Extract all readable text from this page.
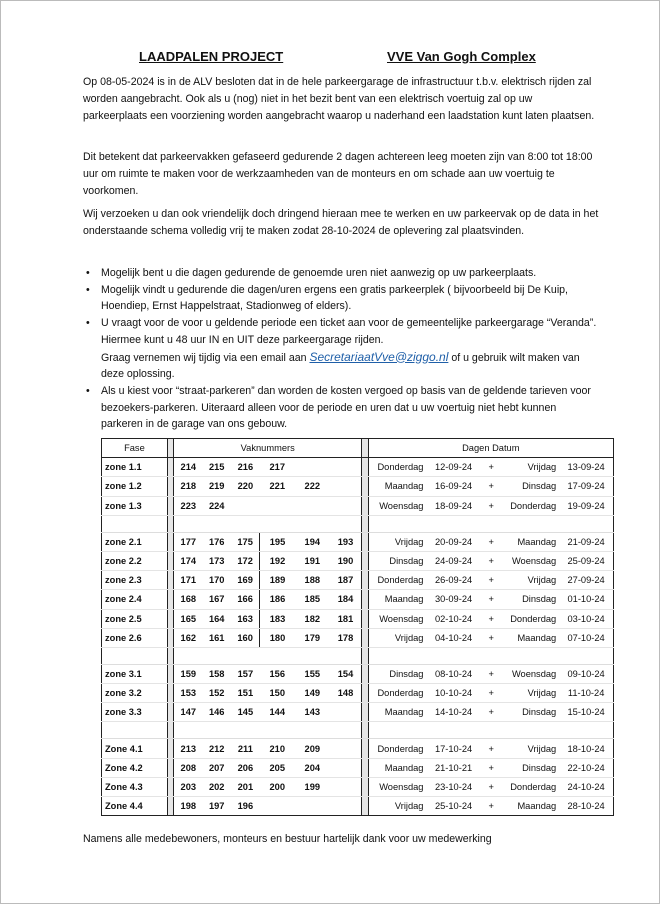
LAADPALEN PROJECT	VVE Van Gogh Complex

Op 08-05-2024 is in de ALV besloten dat in de hele parkeergarage de infrastructuur t.b.v. elektrisch rijden zal worden aangebracht. Ook als u (nog) niet in het bezit bent van een elektrisch voertuig zal op uw parkeerplaats een voorziening worden aangebracht waarop u naderhand een laadstation kunt laten plaatsen.

Dit betekent dat parkeervakken gefaseerd gedurende 2 dagen achtereen leeg moeten zijn van 8:00 tot 18:00 uur om ruimte te maken voor de werkzaamheden van de monteurs en om schade aan uw voertuig te voorkomen.

Wij verzoeken u dan ook vriendelijk doch dringend hieraan mee te werken en uw parkeervak op de data in het onderstaande schema volledig vrij te maken zodat 28-10-2024 de oplevering zal plaatsvinden.

• Mogelijk bent u die dagen gedurende de genoemde uren niet aanwezig op uw parkeerplaats.

• Mogelijk vindt u gedurende die dagen/uren ergens een gratis parkeerplek ( bijvoorbeeld bij De Kuip, Hoendiep, Ernst Happelstraat, Stadionweg of elders).

• U vraagt voor de voor u geldende periode een ticket aan voor de gemeentelijke parkeergarage “Veranda”. Hiermee kunt u 48 uur IN en UIT deze parkeergarage rijden.
Graag vernemen wij tijdig via een email aan SecretariaatVve@ziggo.nl of u gebruik wilt maken van deze oplossing.

• Als u kiest voor “straat-parkeren” dan worden de kosten vergoed op basis van de geldende tarieven voor bezoekers-parkeren. Uiteraard alleen voor de periode en uren dat u uw voertuig niet hebt kunnen parkeren in de garage van ons gebouw.

Fase		Vaknummers							Dagen Datum				
zone 1.1		214	215	216	217				Donderdag	12-09-24	+	Vrijdag	13-09-24
zone 1.2		218	219	220	221	222			Maandag	16-09-24	+	Dinsdag	17-09-24
zone 1.3		223	224						Woensdag	18-09-24	+	Donderdag	19-09-24

zone 2.1		177	176	175	195	194	193		Vrijdag	20-09-24	+	Maandag	21-09-24
zone 2.2		174	173	172	192	191	190		Dinsdag	24-09-24	+	Woensdag	25-09-24
zone 2.3		171	170	169	189	188	187		Donderdag	26-09-24	+	Vrijdag	27-09-24
zone 2.4		168	167	166	186	185	184		Maandag	30-09-24	+	Dinsdag	01-10-24
zone 2.5		165	164	163	183	182	181		Woensdag	02-10-24	+	Donderdag	03-10-24
zone 2.6		162	161	160	180	179	178		Vrijdag	04-10-24	+	Maandag	07-10-24

zone 3.1		159	158	157	156	155	154		Dinsdag	08-10-24	+	Woensdag	09-10-24
zone 3.2		153	152	151	150	149	148		Donderdag	10-10-24	+	Vrijdag	11-10-24
zone 3.3		147	146	145	144	143			Maandag	14-10-24	+	Dinsdag	15-10-24

Zone 4.1		213	212	211	210	209			Donderdag	17-10-24	+	Vrijdag	18-10-24
Zone 4.2		208	207	206	205	204			Maandag	21-10-21	+	Dinsdag	22-10-24
Zone 4.3		203	202	201	200	199			Woensdag	23-10-24	+	Donderdag	24-10-24
Zone 4.4		198	197	196					Vrijdag	25-10-24	+	Maandag	28-10-24

Namens alle medebewoners, monteurs en bestuur hartelijk dank voor uw medewerking
